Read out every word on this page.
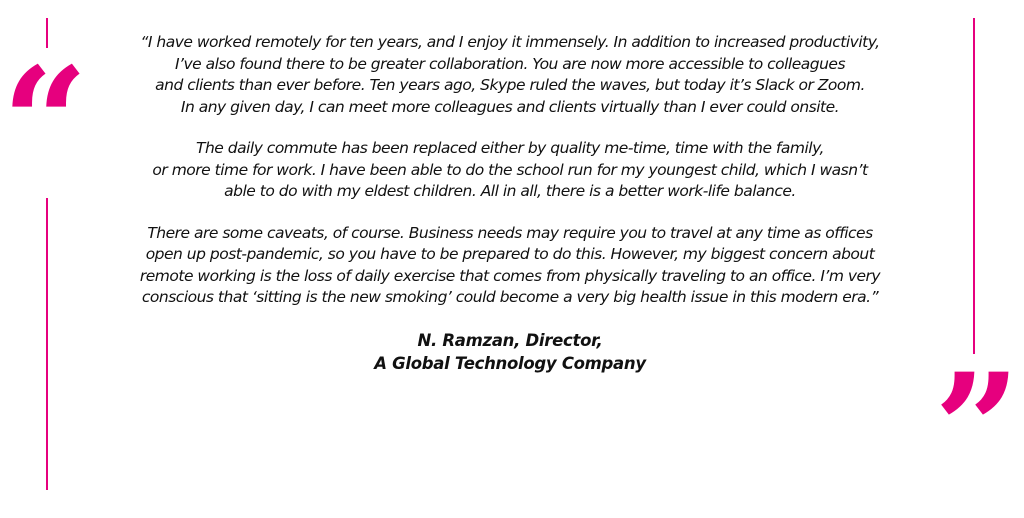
“
”
“I have worked remotely for ten years, and I enjoy it immensely. In addition to increased productivity,
I’ve also found there to be greater collaboration. You are now more accessible to colleagues
and clients than ever before. Ten years ago, Skype ruled the waves, but today it’s Slack or Zoom.
In any given day, I can meet more colleagues and clients virtually than I ever could onsite.
The daily commute has been replaced either by quality me-time, time with the family,
or more time for work. I have been able to do the school run for my youngest child, which I wasn’t
able to do with my eldest children. All in all, there is a better work-life balance.
There are some caveats, of course. Business needs may require you to travel at any time as offices
open up post-pandemic, so you have to be prepared to do this. However, my biggest concern about
remote working is the loss of daily exercise that comes from physically traveling to an office. I’m very
conscious that ‘sitting is the new smoking’ could become a very big health issue in this modern era.”
N. Ramzan, Director,
A Global Technology Company
